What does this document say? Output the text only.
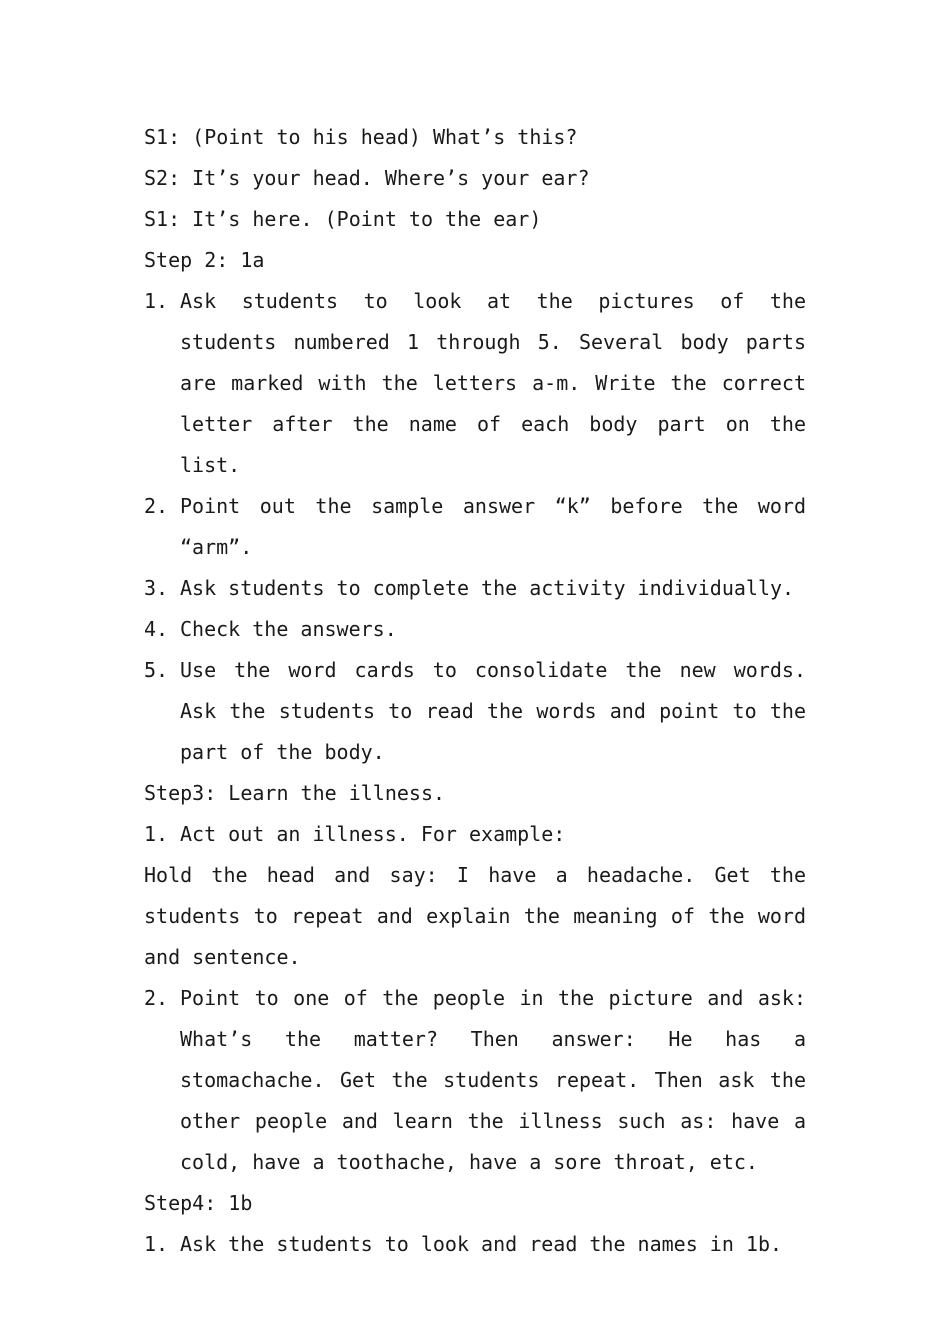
S1: (Point to his head) What’s this?
S2: It’s your head. Where’s your ear?
S1: It’s here. (Point to the ear)
Step 2: 1a
1. Ask students to look at the pictures of the students numbered 1 through 5. Several body parts are marked with the letters a-m. Write the correct letter after the name of each body part on the list.
2. Point out the sample answer “k” before the word “arm”.
3. Ask students to complete the activity individually.
4. Check the answers.
5. Use the word cards to consolidate the new words. Ask the students to read the words and point to the part of the body.
Step3: Learn the illness.
1. Act out an illness. For example:
Hold the head and say: I have a headache. Get the students to repeat and explain the meaning of the word and sentence.
2. Point to one of the people in the picture and ask: What’s the matter? Then answer: He has a stomachache. Get the students repeat. Then ask the other people and learn the illness such as: have a cold, have a toothache, have a sore throat, etc.
Step4: 1b
1. Ask the students to look and read the names in 1b.
